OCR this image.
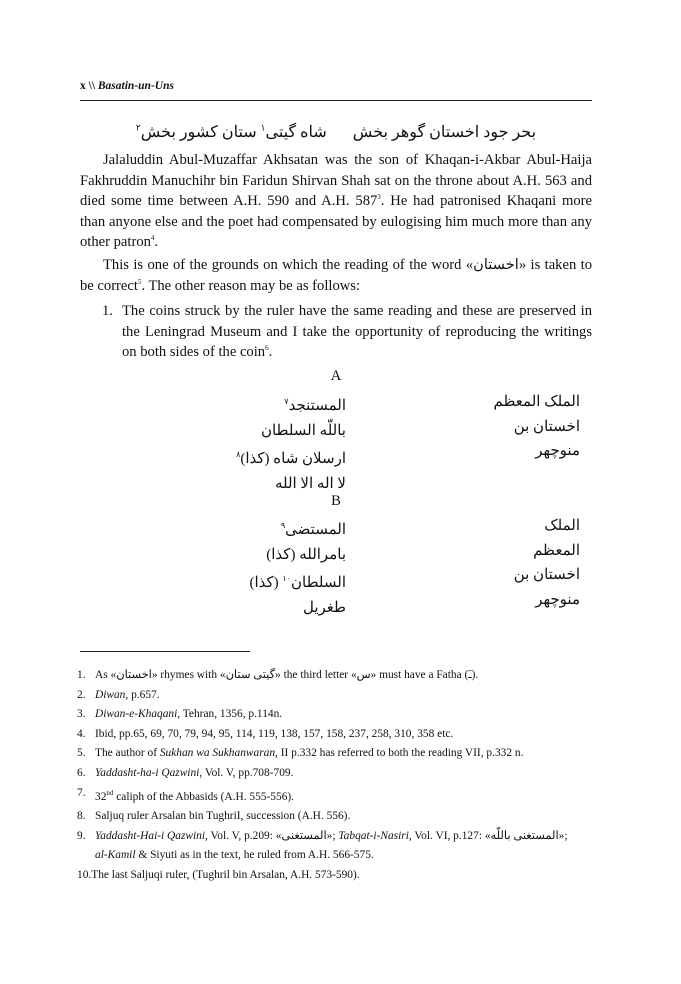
x \\ Basatin-un-Uns
بحر جود اخستان گوهر بخش  شاه گیتی$^۱$ ستان کشور بخش$^۲$
Jalaluddin Abul-Muzaffar Akhsatan was the son of Khaqan-i-Akbar Abul-Haija Fakhruddin Manuchihr bin Faridun Shirvan Shah sat on the throne about A.H. 563 and died some time between A.H. 590 and A.H. $587^3$. He had patronised Khaqani more than anyone else and the poet had compensated by eulogising him much more than any other patron$^4$.
This is one of the grounds on which the reading of the word «اخستان» is taken to be correct$^5$. The other reason may be as follows:
1. The coins struck by the ruler have the same reading and these are preserved in the Leningrad Museum and I take the opportunity of reproducing the writings on both sides of the coin$^6$.
A
الملک المعظم
اخستان بن
منوچهر
المستنجد$^۷$
باللّه السلطان
ارسلان شاه (کذا)$^۸$
لا اله الا الله
B
الملک
المعظم
اخستان بن
منوچهر
المستضی$^۹$
بامرالله (کذا)
السلطان$^{۱۰}$ (کذا)
طغریل
1. As «اخستان» rhymes with «گیتی ستان» the third letter «س» must have a Fatha (ـَ).
2. Diwan, p.657.
3. Diwan-e-Khaqani, Tehran, 1356, p.114n.
4. Ibid, pp.65, 69, 70, 79, 94, 95, 114, 119, 138, 157, 158, 237, 258, 310, 358 etc.
5. The author of Sukhan wa Sukhanwaran, II p.332 has referred to both the reading VII, p.332 n.
6. Yaddasht-ha-i Qazwini, Vol. V, pp.708-709.
7. 32nd caliph of the Abbasids (A.H. 555-556).
8. Saljuq ruler Arsalan bin TughriI, succession (A.H. 556).
9. Yaddasht-Hai-i Qazwini, Vol. V, p.209: «المستغنی»; Tabqat-i-Nasiri, Vol. VI, p.127: «المستغنی باللّه»;
al-Kamil & Siyuti as in the text, he ruled from A.H. 566-575.
10.The last Saljuqi ruler, (Tughril bin Arsalan, A.H. 573-590).
